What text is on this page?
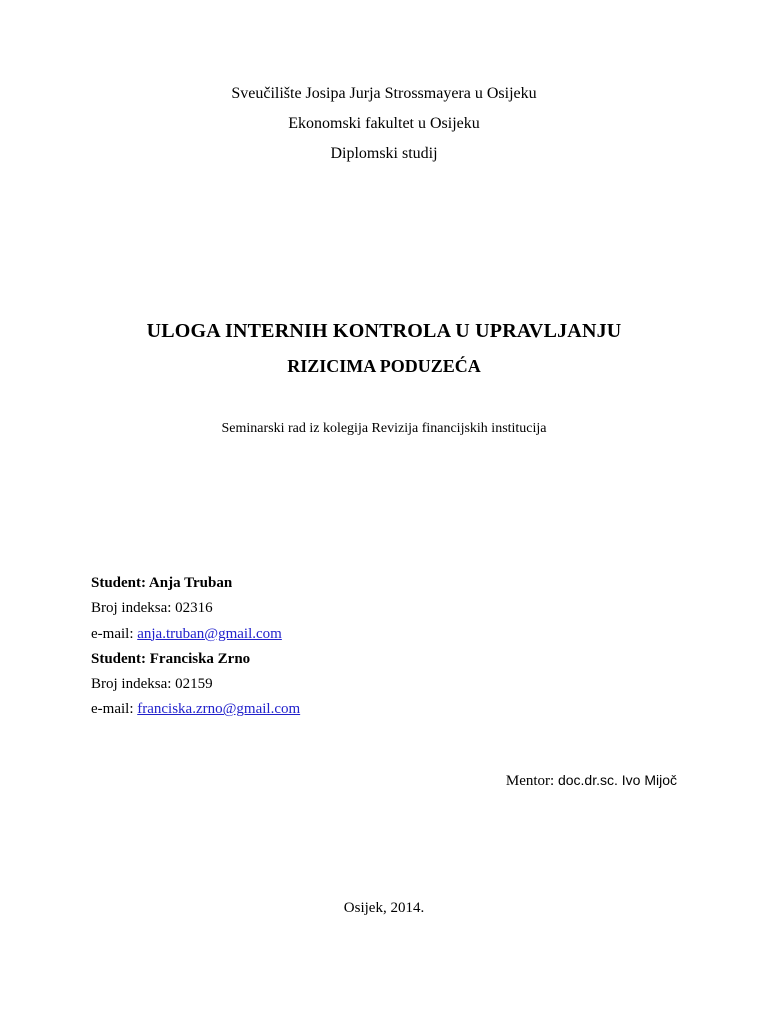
Sveučilište Josipa Jurja Strossmayera u Osijeku
Ekonomski fakultet u Osijeku
Diplomski studij
ULOGA INTERNIH KONTROLA U UPRAVLJANJU
RIZICIMA PODUZEĆA
Seminarski rad iz kolegija Revizija financijskih institucija
Student: Anja Truban
Broj indeksa: 02316
e-mail: anja.truban@gmail.com
Student: Franciska Zrno
Broj indeksa: 02159
e-mail: franciska.zrno@gmail.com
Mentor: doc.dr.sc. Ivo Mijoč
Osijek, 2014.
